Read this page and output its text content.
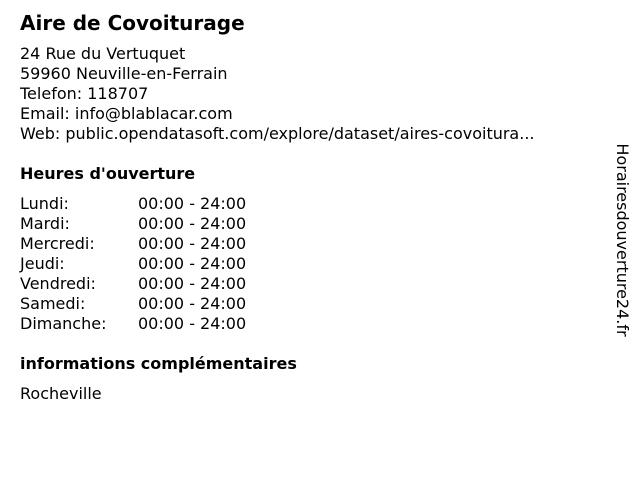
Aire de Covoiturage
24 Rue du Vertuquet
59960 Neuville-en-Ferrain
Telefon: 118707
Email: info@blablacar.com
Web: public.opendatasoft.com/explore/dataset/aires-covoitura...
Heures d'ouverture
Lundi:	00:00 - 24:00
Mardi:	00:00 - 24:00
Mercredi:	00:00 - 24:00
Jeudi:	00:00 - 24:00
Vendredi:	00:00 - 24:00
Samedi:	00:00 - 24:00
Dimanche:	00:00 - 24:00
informations complémentaires
Rocheville
Horairesdouverture24.fr
